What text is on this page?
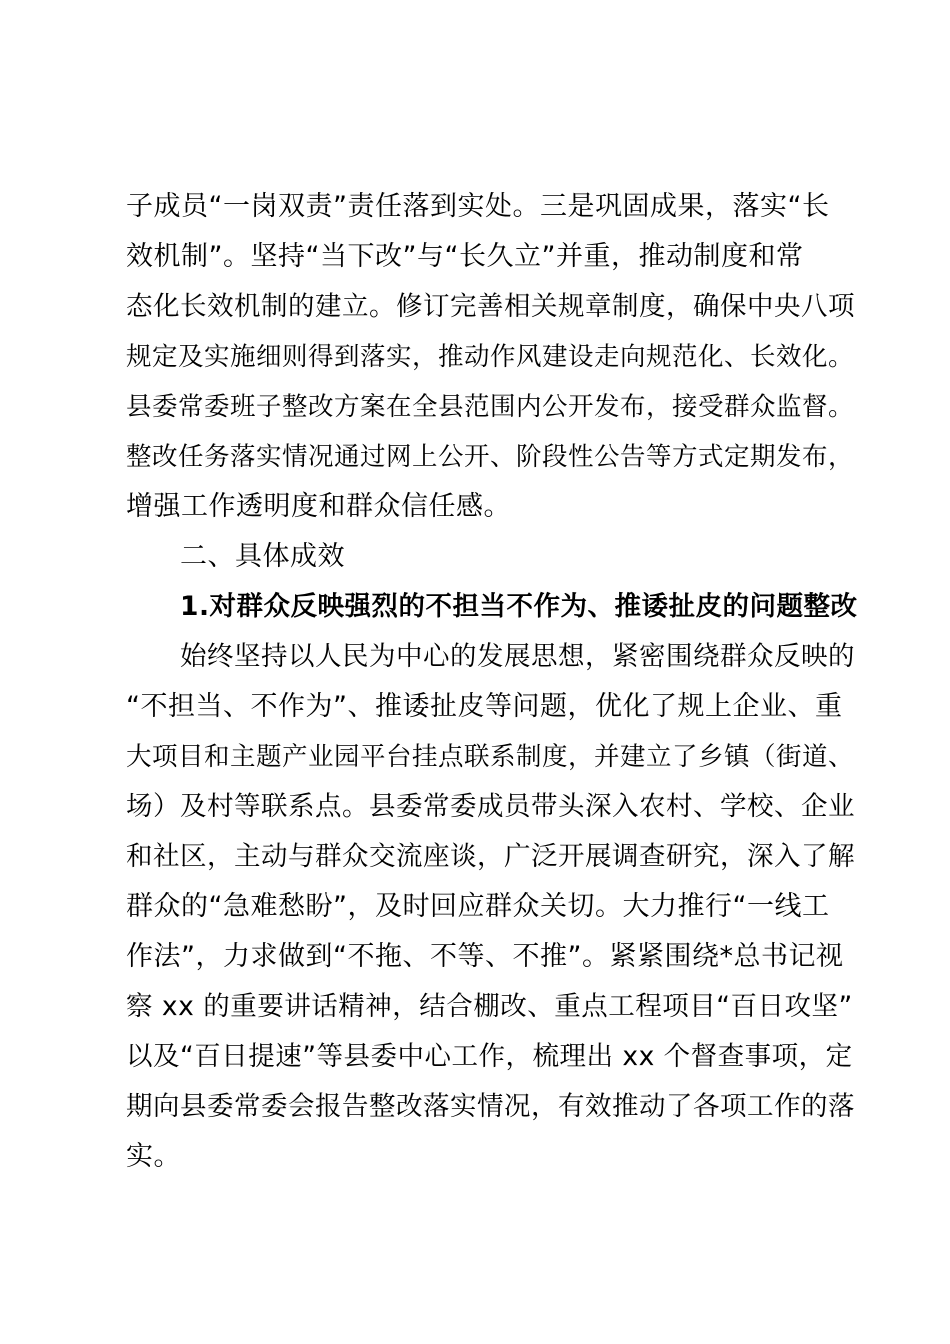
子成员“一岗双责”责任落到实处。三是巩固成果，落实“长
效机制”。坚持“当下改”与“长久立”并重，推动制度和常
态化长效机制的建立。修订完善相关规章制度，确保中央八项
规定及实施细则得到落实，推动作风建设走向规范化、长效化。
县委常委班子整改方案在全县范围内公开发布，接受群众监督。
整改任务落实情况通过网上公开、阶段性公告等方式定期发布，
增强工作透明度和群众信任感。
二、具体成效
1.对群众反映强烈的不担当不作为、推诿扯皮的问题整改
始终坚持以人民为中心的发展思想，紧密围绕群众反映的
“不担当、不作为”、推诿扯皮等问题，优化了规上企业、重
大项目和主题产业园平台挂点联系制度，并建立了乡镇（街道、
场）及村等联系点。县委常委成员带头深入农村、学校、企业
和社区，主动与群众交流座谈，广泛开展调查研究，深入了解
群众的“急难愁盼”，及时回应群众关切。大力推行“一线工
作法”，力求做到“不拖、不等、不推”。紧紧围绕*总书记视
察 xx 的重要讲话精神，结合棚改、重点工程项目“百日攻坚”
以及“百日提速”等县委中心工作，梳理出 xx 个督查事项，定
期向县委常委会报告整改落实情况，有效推动了各项工作的落
实。
